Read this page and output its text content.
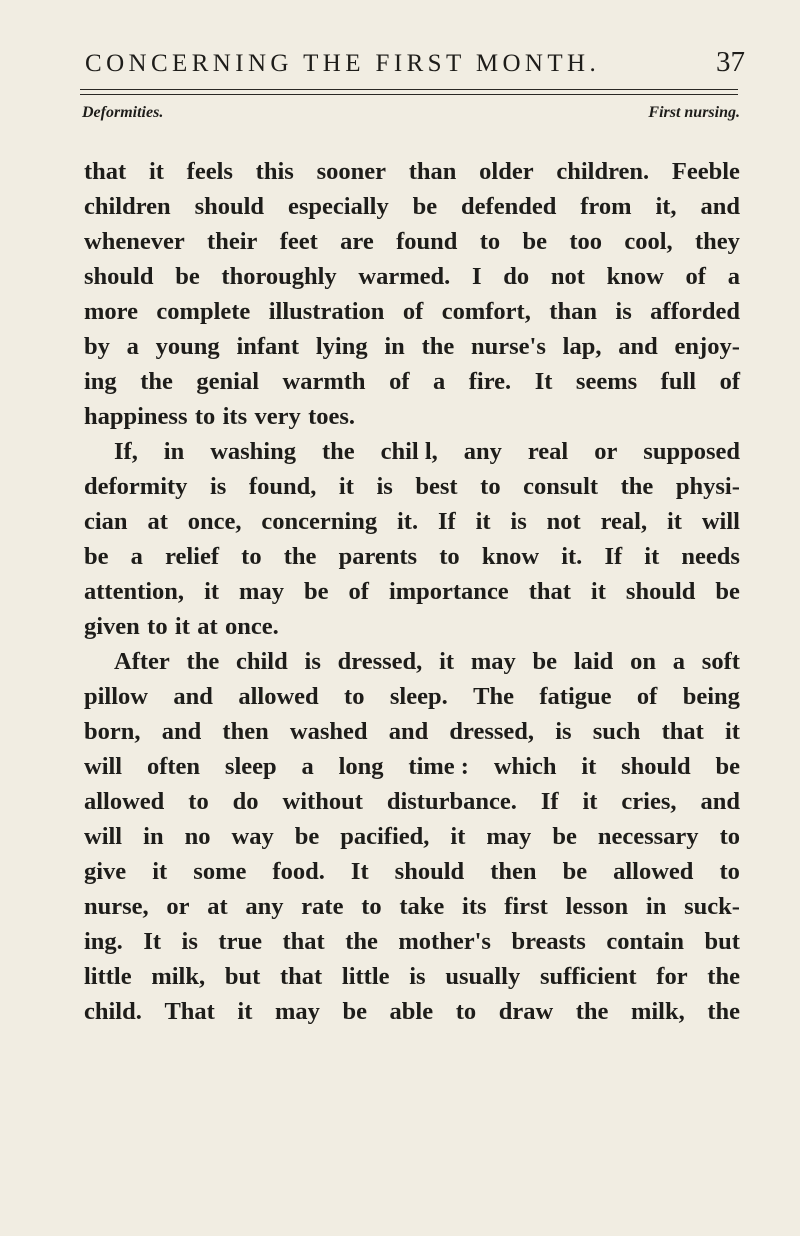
CONCERNING THE FIRST MONTH.	37
Deformities.	First nursing.
that it feels this sooner than older children. Feeble
children should especially be defended from it, and
whenever their feet are found to be too cool, they
should be thoroughly warmed. I do not know of a
more complete illustration of comfort, than is afforded
by a young infant lying in the nurse's lap, and enjoy-
ing the genial warmth of a fire. It seems full of
happiness to its very toes.
If, in washing the chil l, any real or supposed
deformity is found, it is best to consult the physi-
cian at once, concerning it. If it is not real, it will
be a relief to the parents to know it. If it needs
attention, it may be of importance that it should be
given to it at once.
After the child is dressed, it may be laid on a soft
pillow and allowed to sleep. The fatigue of being
born, and then washed and dressed, is such that it
will often sleep a long time : which it should be
allowed to do without disturbance. If it cries, and
will in no way be pacified, it may be necessary to
give it some food. It should then be allowed to
nurse, or at any rate to take its first lesson in suck-
ing. It is true that the mother's breasts contain but
little milk, but that little is usually sufficient for the
child. That it may be able to draw the milk, the
